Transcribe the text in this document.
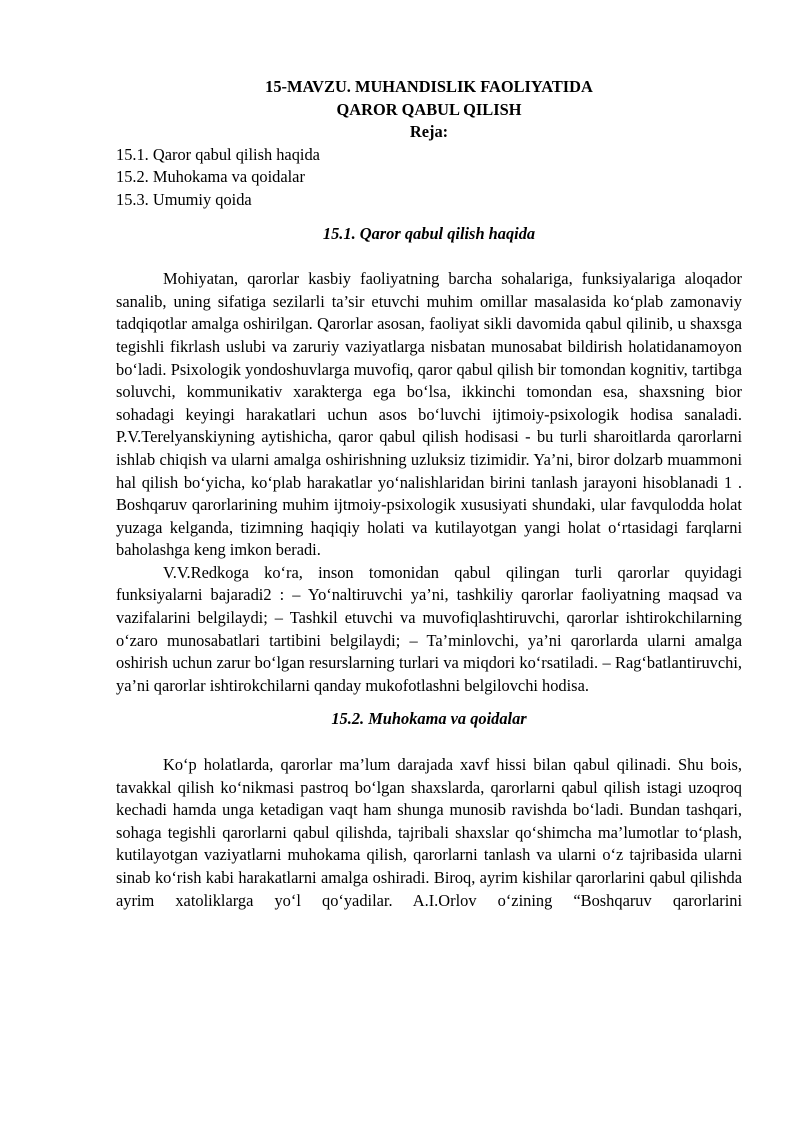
15-MAVZU. MUHANDISLIK FAOLIYATIDA

QAROR QABUL QILISH

Reja:

15.1. Qaror qabul qilish haqida

15.2. Muhokama va qoidalar

15.3. Umumiy qoida

15.1. Qaror qabul qilish haqida

Mohiyatan, qarorlar kasbiy faoliyatning barcha sohalariga, funksiyalariga aloqador sanalib, uning sifatiga sezilarli ta’sir etuvchi muhim omillar masalasida ko‘plab zamonaviy tadqiqotlar amalga oshirilgan. Qarorlar asosan, faoliyat sikli davomida qabul qilinib, u shaxsga tegishli fikrlash uslubi va zaruriy vaziyatlarga nisbatan munosabat bildirish holatidanamoyon bo‘ladi. Psixologik yondoshuvlarga muvofiq, qaror qabul qilish bir tomondan kognitiv, tartibga soluvchi, kommunikativ xarakterga ega bo‘lsa, ikkinchi tomondan esa, shaxsning bior sohadagi keyingi harakatlari uchun asos bo‘luvchi ijtimoiy-psixologik hodisa sanaladi. P.V.Terelyanskiyning aytishicha, qaror qabul qilish hodisasi - bu turli sharoitlarda qarorlarni ishlab chiqish va ularni amalga oshirishning uzluksiz tizimidir. Ya’ni, biror dolzarb muammoni hal qilish bo‘yicha, ko‘plab harakatlar yo‘nalishlaridan birini tanlash jarayoni hisoblanadi 1 . Boshqaruv qarorlarining muhim ijtmoiy-psixologik xususiyati shundaki, ular favqulodda holat yuzaga kelganda, tizimning haqiqiy holati va kutilayotgan yangi holat o‘rtasidagi farqlarni baholashga keng imkon beradi.

V.V.Redkoga ko‘ra, inson tomonidan qabul qilingan turli qarorlar quyidagi funksiyalarni bajaradi2 : – Yo‘naltiruvchi ya’ni, tashkiliy qarorlar faoliyatning maqsad va vazifalarini belgilaydi; – Tashkil etuvchi va muvofiqlashtiruvchi, qarorlar ishtirokchilarning o‘zaro munosabatlari tartibini belgilaydi; – Ta’minlovchi, ya’ni qarorlarda ularni amalga oshirish uchun zarur bo‘lgan resurslarning turlari va miqdori ko‘rsatiladi. – Rag‘batlantiruvchi, ya’ni qarorlar ishtirokchilarni qanday mukofotlashni belgilovchi hodisa.

15.2. Muhokama va qoidalar

Ko‘p holatlarda, qarorlar ma’lum darajada xavf hissi bilan qabul qilinadi. Shu bois, tavakkal qilish ko‘nikmasi pastroq bo‘lgan shaxslarda, qarorlarni qabul qilish istagi uzoqroq kechadi hamda unga ketadigan vaqt ham shunga munosib ravishda bo‘ladi. Bundan tashqari, sohaga tegishli qarorlarni qabul qilishda, tajribali shaxslar qo‘shimcha ma’lumotlar to‘plash, kutilayotgan vaziyatlarni muhokama qilish, qarorlarni tanlash va ularni o‘z tajribasida ularni sinab ko‘rish kabi harakatlarni amalga oshiradi. Biroq, ayrim kishilar qarorlarini qabul qilishda ayrim xatoliklarga yo‘l qo‘yadilar. A.I.Orlov o‘zining “Boshqaruv qarorlarini
